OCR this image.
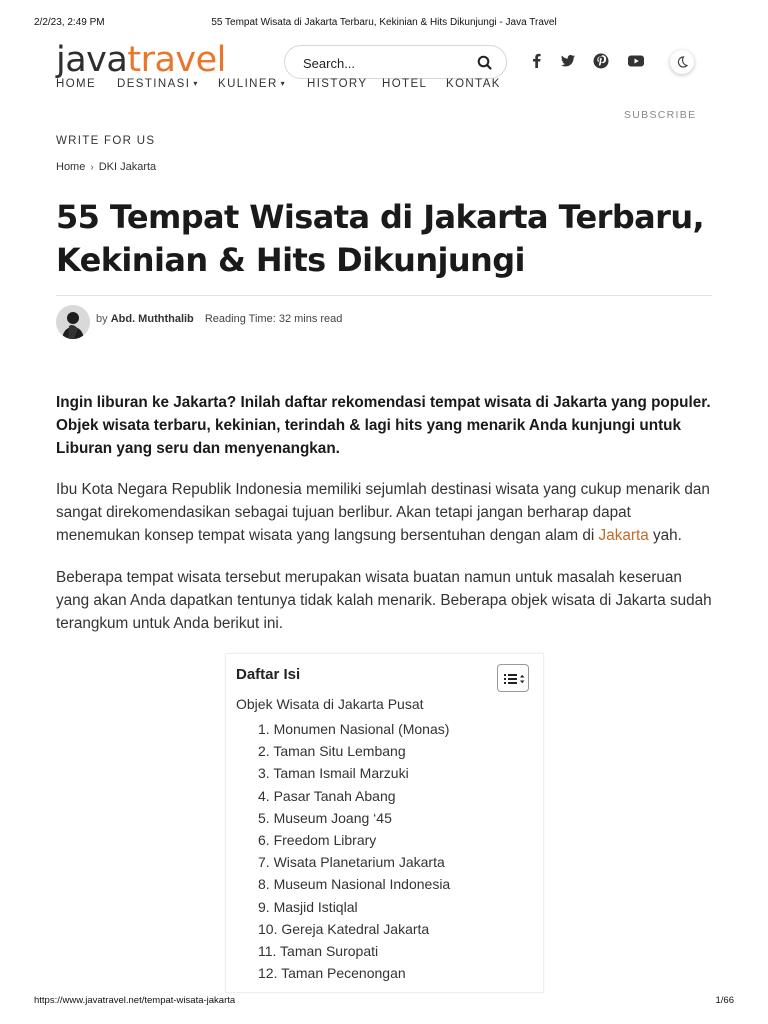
2/2/23, 2:49 PM	55 Tempat Wisata di Jakarta Terbaru, Kekinian & Hits Dikunjungi - Java Travel
javatravel
Search...
HOME DESTINASI ▾ KULINER ▾ HISTORY HOTEL KONTAK
SUBSCRIBE
WRITE FOR US
Home › DKI Jakarta
55 Tempat Wisata di Jakarta Terbaru, Kekinian & Hits Dikunjungi
by Abd. Muththalib Reading Time: 32 mins read

Ingin liburan ke Jakarta? Inilah daftar rekomendasi tempat wisata di Jakarta yang populer. Objek wisata terbaru, kekinian, terindah & lagi hits yang menarik Anda kunjungi untuk Liburan yang seru dan menyenangkan.

Ibu Kota Negara Republik Indonesia memiliki sejumlah destinasi wisata yang cukup menarik dan sangat direkomendasikan sebagai tujuan berlibur. Akan tetapi jangan berharap dapat menemukan konsep tempat wisata yang langsung bersentuhan dengan alam di Jakarta yah.

Beberapa tempat wisata tersebut merupakan wisata buatan namun untuk masalah keseruan yang akan Anda dapatkan tentunya tidak kalah menarik. Beberapa objek wisata di Jakarta sudah terangkum untuk Anda berikut ini.

Daftar Isi
Objek Wisata di Jakarta Pusat
1. Monumen Nasional (Monas)
2. Taman Situ Lembang
3. Taman Ismail Marzuki
4. Pasar Tanah Abang
5. Museum Joang ‘45
6. Freedom Library
7. Wisata Planetarium Jakarta
8. Museum Nasional Indonesia
9. Masjid Istiqlal
10. Gereja Katedral Jakarta
11. Taman Suropati
12. Taman Pecenongan
https://www.javatravel.net/tempat-wisata-jakarta	1/66
